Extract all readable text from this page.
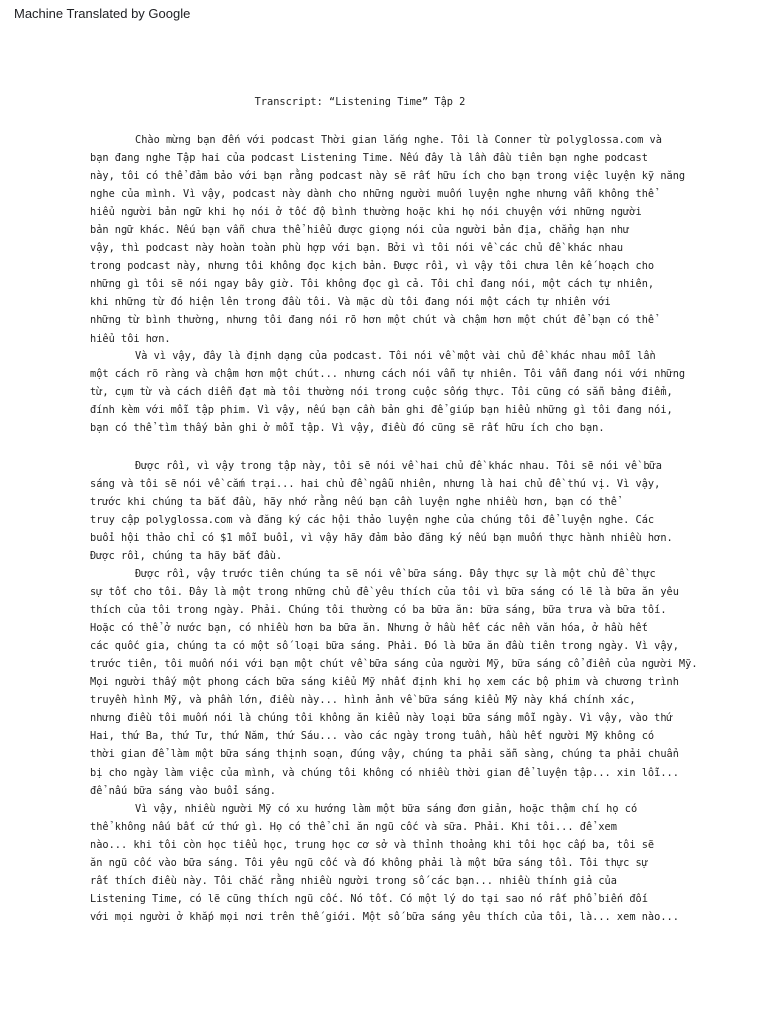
Machine Translated by Google
Transcript: “Listening Time” Tập 2
Chào mừng bạn đến với podcast Thời gian lắng nghe. Tôi là Conner từ polyglossa.com và
bạn đang nghe Tập hai của podcast Listening Time. Nếu đây là lần đầu tiên bạn nghe podcast
này, tôi có thể đảm bảo với bạn rằng podcast này sẽ rất hữu ích cho bạn trong việc luyện kỹ năng
nghe của mình. Vì vậy, podcast này dành cho những người muốn luyện nghe nhưng vẫn không thể
hiểu người bản ngữ khi họ nói ở tốc độ bình thường hoặc khi họ nói chuyện với những người
bản ngữ khác. Nếu bạn vẫn chưa thể hiểu được giọng nói của người bản địa, chẳng hạn như
vậy, thì podcast này hoàn toàn phù hợp với bạn. Bởi vì tôi nói về các chủ đề khác nhau
trong podcast này, nhưng tôi không đọc kịch bản. Được rồi, vì vậy tôi chưa lên kế hoạch cho
những gì tôi sẽ nói ngay bây giờ. Tôi không đọc gì cả. Tôi chỉ đang nói, một cách tự nhiên,
khi những từ đó hiện lên trong đầu tôi. Và mặc dù tôi đang nói một cách tự nhiên với
những từ bình thường, nhưng tôi đang nói rõ hơn một chút và chậm hơn một chút để bạn có thể
hiểu tôi hơn.
Và vì vậy, đây là định dạng của podcast. Tôi nói về một vài chủ đề khác nhau mỗi lần
một cách rõ ràng và chậm hơn một chút... nhưng cách nói vẫn tự nhiên. Tôi vẫn đang nói với những
từ, cụm từ và cách diễn đạt mà tôi thường nói trong cuộc sống thực. Tôi cũng có sẵn bảng điểm,
đính kèm với mỗi tập phim. Vì vậy, nếu bạn cần bản ghi để giúp bạn hiểu những gì tôi đang nói,
bạn có thể tìm thấy bản ghi ở mỗi tập. Vì vậy, điều đó cũng sẽ rất hữu ích cho bạn.
Được rồi, vì vậy trong tập này, tôi sẽ nói về hai chủ đề khác nhau. Tôi sẽ nói về bữa
sáng và tôi sẽ nói về cắm trại... hai chủ đề ngẫu nhiên, nhưng là hai chủ đề thú vị. Vì vậy,
trước khi chúng ta bắt đầu, hãy nhớ rằng nếu bạn cần luyện nghe nhiều hơn, bạn có thể
truy cập polyglossa.com và đăng ký các hội thảo luyện nghe của chúng tôi để luyện nghe. Các
buổi hội thảo chỉ có $1 mỗi buổi, vì vậy hãy đảm bảo đăng ký nếu bạn muốn thực hành nhiều hơn.
Được rồi, chúng ta hãy bắt đầu.
Được rồi, vậy trước tiên chúng ta sẽ nói về bữa sáng. Đây thực sự là một chủ đề thực
sự tốt cho tôi. Đây là một trong những chủ đề yêu thích của tôi vì bữa sáng có lẽ là bữa ăn yêu
thích của tôi trong ngày. Phải. Chúng tôi thường có ba bữa ăn: bữa sáng, bữa trưa và bữa tối.
Hoặc có thể ở nước bạn, có nhiều hơn ba bữa ăn. Nhưng ở hầu hết các nền văn hóa, ở hầu hết
các quốc gia, chúng ta có một số loại bữa sáng. Phải. Đó là bữa ăn đầu tiên trong ngày. Vì vậy,
trước tiên, tôi muốn nói với bạn một chút về bữa sáng của người Mỹ, bữa sáng cổ điển của người Mỹ.
Mọi người thấy một phong cách bữa sáng kiểu Mỹ nhất định khi họ xem các bộ phim và chương trình
truyền hình Mỹ, và phần lớn, điều này... hình ảnh về bữa sáng kiểu Mỹ này khá chính xác,
nhưng điều tôi muốn nói là chúng tôi không ăn kiểu này loại bữa sáng mỗi ngày. Vì vậy, vào thứ
Hai, thứ Ba, thứ Tư, thứ Năm, thứ Sáu... vào các ngày trong tuần, hầu hết người Mỹ không có
thời gian để làm một bữa sáng thịnh soạn, đúng vậy, chúng ta phải sẵn sàng, chúng ta phải chuẩn
bị cho ngày làm việc của mình, và chúng tôi không có nhiều thời gian để luyện tập... xin lỗi...
để nấu bữa sáng vào buổi sáng.
Vì vậy, nhiều người Mỹ có xu hướng làm một bữa sáng đơn giản, hoặc thậm chí họ có
thể không nấu bất cứ thứ gì. Họ có thể chỉ ăn ngũ cốc và sữa. Phải. Khi tôi... để xem
nào... khi tôi còn học tiểu học, trung học cơ sở và thỉnh thoảng khi tôi học cấp ba, tôi sẽ
ăn ngũ cốc vào bữa sáng. Tôi yêu ngũ cốc và đó không phải là một bữa sáng tồi. Tôi thực sự
rất thích điều này. Tôi chắc rằng nhiều người trong số các bạn... nhiều thính giả của
Listening Time, có lẽ cũng thích ngũ cốc. Nó tốt. Có một lý do tại sao nó rất phổ biến đối
với mọi người ở khắp mọi nơi trên thế giới. Một số bữa sáng yêu thích của tôi, là... xem nào...
